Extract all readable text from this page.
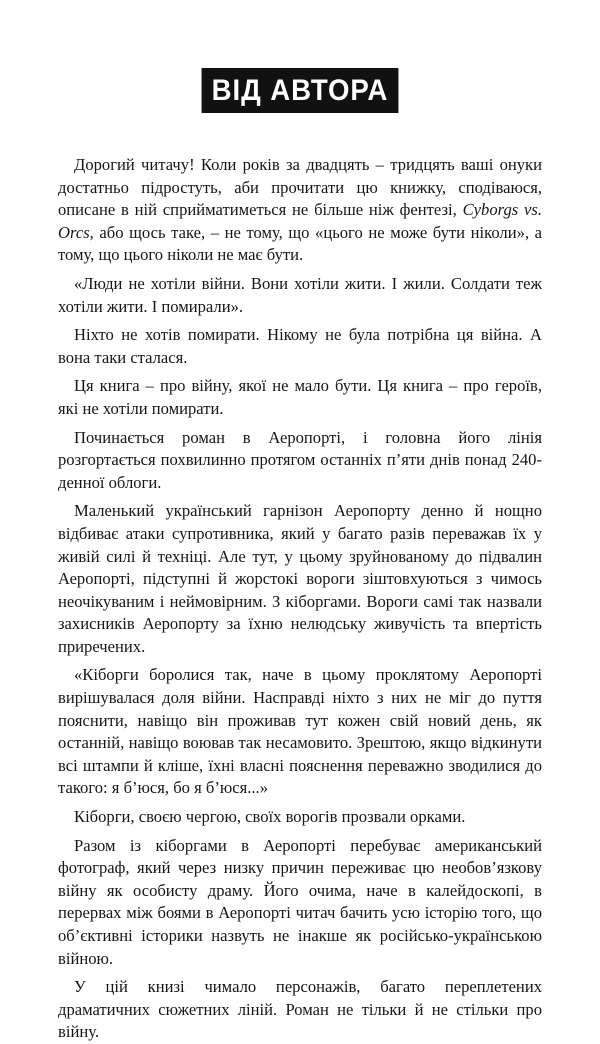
ВІД АВТОРА

Дорогий читачу! Коли років за двадцять – тридцять ваші онуки достатньо підростуть, аби прочитати цю книжку, сподіваюся, описане в ній сприйматиметься не більше ніж фентезі, Cyborgs vs. Orcs, або щось таке, – не тому, що «цього не може бути ніколи», а тому, що цього ніколи не має бути.

«Люди не хотіли війни. Вони хотіли жити. І жили. Солдати теж хотіли жити. І помирали».

Ніхто не хотів помирати. Нікому не була потрібна ця війна. А вона таки сталася.

Ця книга – про війну, якої не мало бути. Ця книга – про героїв, які не хотіли помирати.

Починається роман в Аеропорті, і головна його лінія розгортається похвилинно протягом останніх п’яти днів понад 240-денної облоги.

Маленький український гарнізон Аеропорту денно й нощно відбиває атаки супротивника, який у багато разів переважав їх у живій силі й техніці. Але тут, у цьому зруйнованому до підвалин Аеропорті, підступні й жорстокі вороги зіштовхуються з чимось неочікуваним і неймовірним. З кіборгами. Вороги самі так назвали захисників Аеропорту за їхню нелюдську живучість та впертість приречених.

«Кіборги боролися так, наче в цьому проклятому Аеропорті вирішувалася доля війни. Насправді ніхто з них не міг до пуття пояснити, навіщо він проживав тут кожен свій новий день, як останній, навіщо воював так несамовито. Зрештою, якщо відкинути всі штампи й кліше, їхні власні пояснення переважно зводилися до такого: я б’юся, бо я б’юся...»

Кіборги, своєю чергою, своїх ворогів прозвали орками.

Разом із кіборгами в Аеропорті перебуває американський фотограф, який через низку причин переживає цю необов’язкову війну як особисту драму. Його очима, наче в калейдоскопі, в перервах між боями в Аеропорті читач бачить усю історію того, що об’єктивні історики назвуть не інакше як російсько-українською війною.

У цій книзі чимало персонажів, багато переплетених драматичних сюжетних ліній. Роман не тільки й не стільки про війну.
